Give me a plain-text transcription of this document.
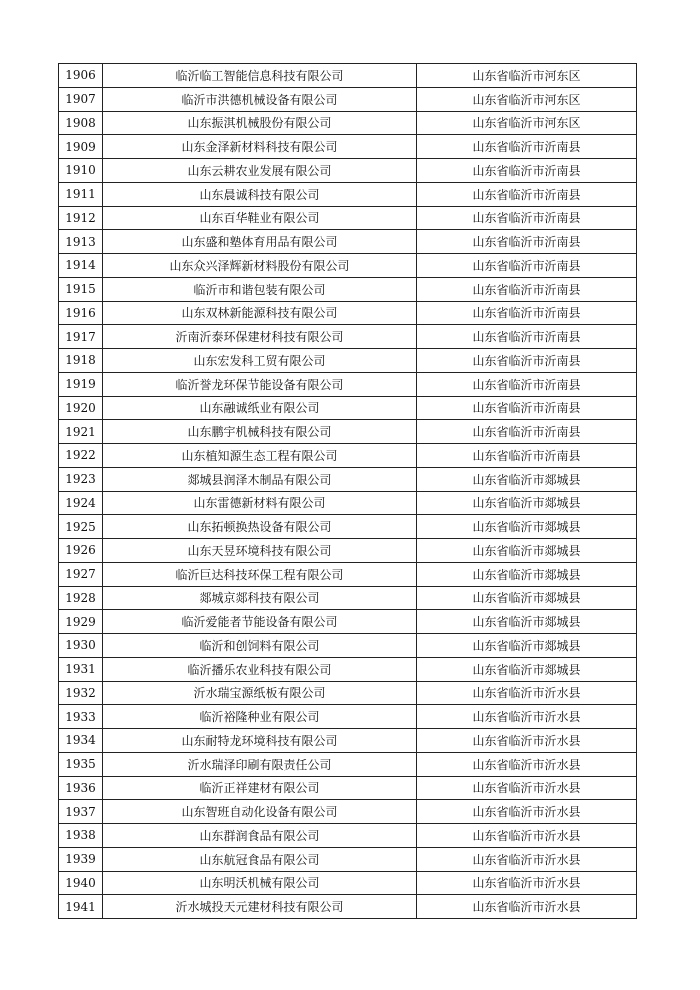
1906	临沂临工智能信息科技有限公司	山东省临沂市河东区
1907	临沂市洪德机械设备有限公司	山东省临沂市河东区
1908	山东振淇机械股份有限公司	山东省临沂市河东区
1909	山东金泽新材料科技有限公司	山东省临沂市沂南县
1910	山东云耕农业发展有限公司	山东省临沂市沂南县
1911	山东晨诚科技有限公司	山东省临沂市沂南县
1912	山东百华鞋业有限公司	山东省临沂市沂南县
1913	山东盛和塾体育用品有限公司	山东省临沂市沂南县
1914	山东众兴泽辉新材料股份有限公司	山东省临沂市沂南县
1915	临沂市和谐包装有限公司	山东省临沂市沂南县
1916	山东双林新能源科技有限公司	山东省临沂市沂南县
1917	沂南沂泰环保建材科技有限公司	山东省临沂市沂南县
1918	山东宏发科工贸有限公司	山东省临沂市沂南县
1919	临沂誉龙环保节能设备有限公司	山东省临沂市沂南县
1920	山东融诚纸业有限公司	山东省临沂市沂南县
1921	山东鹏宇机械科技有限公司	山东省临沂市沂南县
1922	山东植知源生态工程有限公司	山东省临沂市沂南县
1923	郯城县润泽木制品有限公司	山东省临沂市郯城县
1924	山东雷德新材料有限公司	山东省临沂市郯城县
1925	山东拓顿换热设备有限公司	山东省临沂市郯城县
1926	山东天昱环境科技有限公司	山东省临沂市郯城县
1927	临沂巨达科技环保工程有限公司	山东省临沂市郯城县
1928	郯城京郯科技有限公司	山东省临沂市郯城县
1929	临沂爱能者节能设备有限公司	山东省临沂市郯城县
1930	临沂和创饲料有限公司	山东省临沂市郯城县
1931	临沂播乐农业科技有限公司	山东省临沂市郯城县
1932	沂水瑞宝源纸板有限公司	山东省临沂市沂水县
1933	临沂裕隆种业有限公司	山东省临沂市沂水县
1934	山东耐特龙环境科技有限公司	山东省临沂市沂水县
1935	沂水瑞泽印刷有限责任公司	山东省临沂市沂水县
1936	临沂正祥建材有限公司	山东省临沂市沂水县
1937	山东智班自动化设备有限公司	山东省临沂市沂水县
1938	山东群润食品有限公司	山东省临沂市沂水县
1939	山东航冠食品有限公司	山东省临沂市沂水县
1940	山东明沃机械有限公司	山东省临沂市沂水县
1941	沂水城投天元建材科技有限公司	山东省临沂市沂水县
